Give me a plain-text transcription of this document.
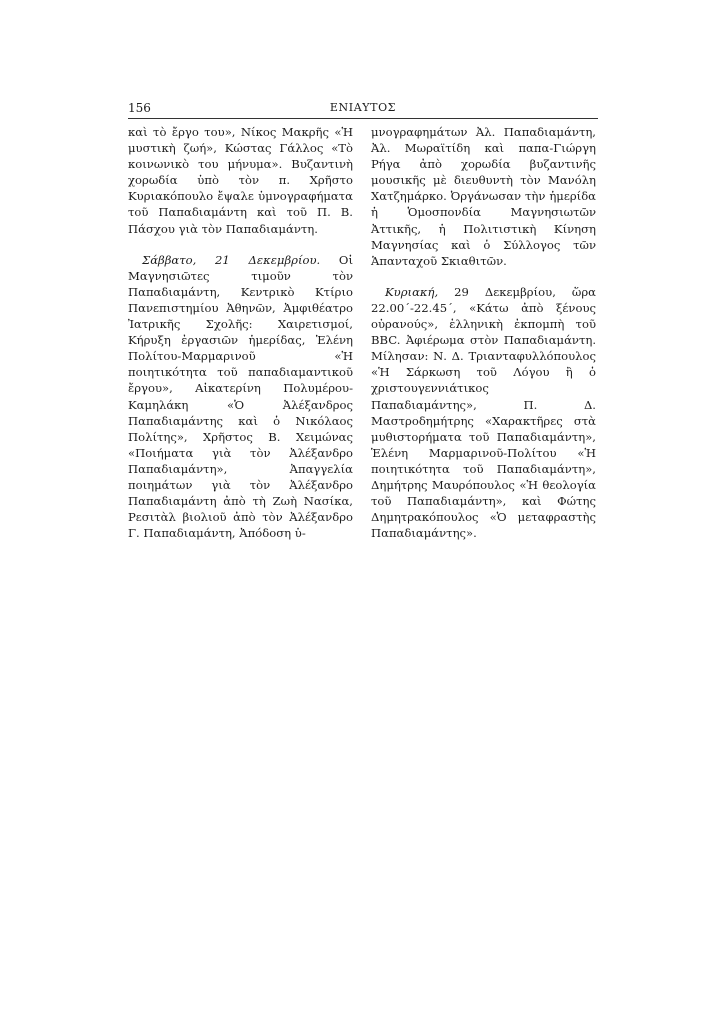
156	ΕΝΙΑΥΤΟΣ

καὶ τὸ ἔργο του», Νίκος Μακρῆς «Ἡ μυστικὴ ζωή», Κώστας Γάλλος «Τὸ κοινωνικὸ του μήνυμα». Βυζαντινὴ χορωδία ὑπὸ τὸν π. Χρῆστο Κυριακόπουλο ἔψαλε ὑμνογραφήματα τοῦ Παπαδιαμάντη καὶ τοῦ Π. Β. Πάσχου γιὰ τὸν Παπαδιαμάντη.

Σάββατο, 21 Δεκεμβρίου. Οἱ Μαγνησιῶτες τιμοῦν τὸν Παπαδιαμάντη, Κεντρικὸ Κτίριο Πανεπιστημίου Ἀθηνῶν, Ἀμφιθέατρο Ἰατρικῆς Σχολῆς: Χαιρετισμοί, Κήρυξη ἐργασιῶν ἡμερίδας, Ἑλένη Πολίτου-Μαρμαρινοῦ «Ἡ ποιητικότητα τοῦ παπαδιαμαντικοῦ ἔργου», Αἰκατερίνη Πολυμέρου-Καμηλάκη «Ὁ Ἀλέξανδρος Παπαδιαμάντης καὶ ὁ Νικόλαος Πολίτης», Χρῆστος Β. Χειμώνας «Ποιήματα γιὰ τὸν Ἀλέξανδρο Παπαδιαμάντη», Ἀπαγγελία ποιημάτων γιὰ τὸν Ἀλέξανδρο Παπαδιαμάντη ἀπὸ τὴ Ζωὴ Νασίκα, Ρεσιτὰλ βιολιοῦ ἀπὸ τὸν Ἀλέξανδρο Γ. Παπαδιαμάντη, Ἀπόδοση ὑ-

μνογραφημάτων Ἀλ. Παπαδιαμάντη, Ἀλ. Μωραϊτίδη καὶ παπα-Γιώργη Ρήγα ἀπὸ χορωδία βυζαντινῆς μουσικῆς μὲ διευθυντὴ τὸν Μανόλη Χατζημάρκο. Ὀργάνωσαν τὴν ἡμερίδα ἡ Ὁμοσπονδία Μαγνησιωτῶν Ἀττικῆς, ἡ Πολιτιστικὴ Κίνηση Μαγνησίας καὶ ὁ Σύλλογος τῶν Ἁπανταχοῦ Σκιαθιτῶν.

Κυριακή, 29 Δεκεμβρίου, ὥρα 22.00΄-22.45΄, «Κάτω ἀπὸ ξένους οὐρανούς», ἑλληνικὴ ἐκπομπὴ τοῦ BBC. Ἀφιέρωμα στὸν Παπαδιαμάντη. Μίλησαν: Ν. Δ. Τριανταφυλλόπουλος «Ἡ Σάρκωση τοῦ Λόγου ἢ ὁ χριστουγεννιάτικος Παπαδιαμάντης», Π. Δ. Μαστροδημήτρης «Χαρακτῆρες στὰ μυθιστορήματα τοῦ Παπαδιαμάντη», Ἑλένη Μαρμαρινοῦ-Πολίτου «Ἡ ποιητικότητα τοῦ Παπαδιαμάντη», Δημήτρης Μαυρόπουλος «Ἡ θεολογία τοῦ Παπαδιαμάντη», καὶ Φώτης Δημητρακόπουλος «Ὁ μεταφραστὴς Παπαδιαμάντης».
